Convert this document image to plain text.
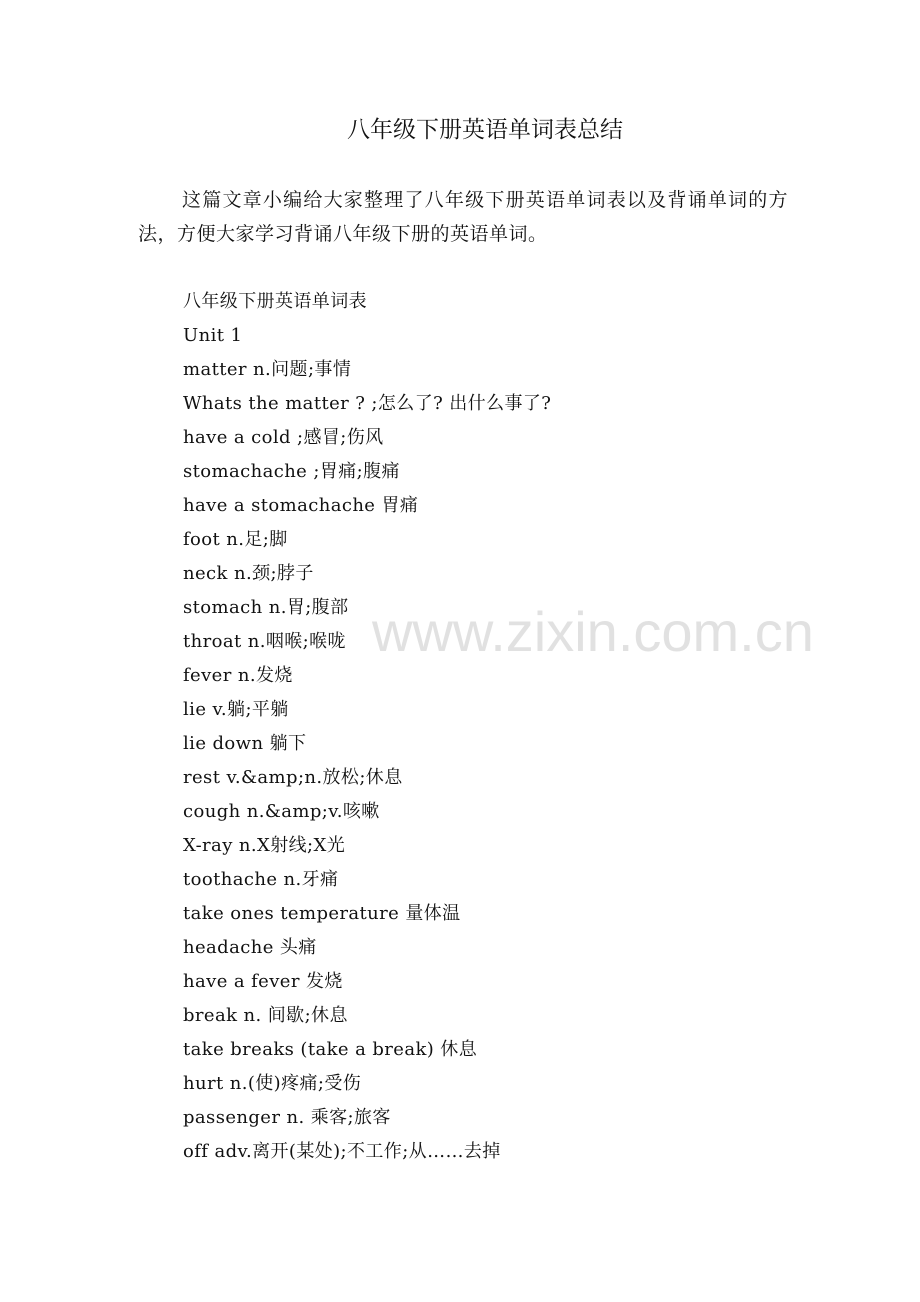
八年级下册英语单词表总结
这篇文章小编给大家整理了八年级下册英语单词表以及背诵单词的方法，方便大家学习背诵八年级下册的英语单词。
八年级下册英语单词表
Unit 1
matter n.问题;事情
Whats the matter ? ;怎么了? 出什么事了?
have a cold ;感冒;伤风
stomachache ;胃痛;腹痛
have a stomachache 胃痛
foot n.足;脚
neck n.颈;脖子
stomach n.胃;腹部
throat n.咽喉;喉咙
fever n.发烧
lie v.躺;平躺
lie down 躺下
rest v.&amp;n.放松;休息
cough n.&amp;v.咳嗽
X-ray n.X射线;X光
toothache n.牙痛
take ones temperature 量体温
headache 头痛
have a fever 发烧
break n. 间歇;休息
take breaks (take a break) 休息
hurt n.(使)疼痛;受伤
passenger n. 乘客;旅客
off adv.离开(某处);不工作;从……去掉
www.zixin.com.cn
